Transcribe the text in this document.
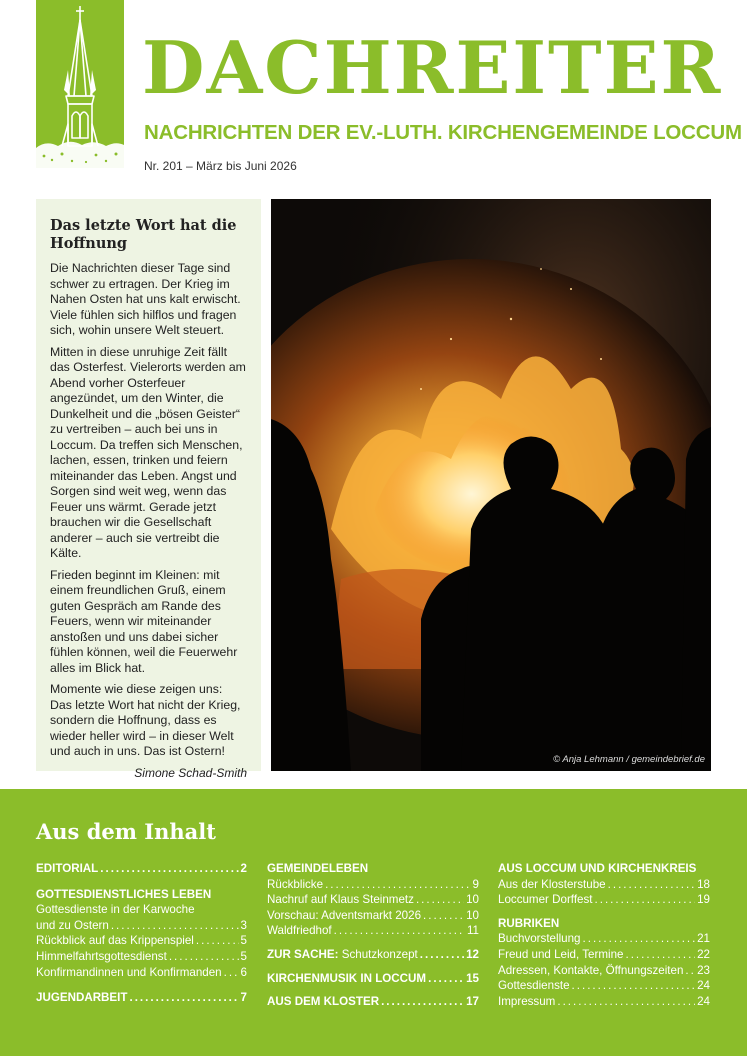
DACHREITER
NACHRICHTEN DER EV.-LUTH. KIRCHENGEMEINDE LOCCUM
Nr. 201 – März bis Juni 2026
Das letzte Wort hat die Hoffnung

Die Nachrichten dieser Tage sind schwer zu ertragen. Der Krieg im Nahen Osten hat uns kalt erwischt. Viele fühlen sich hilflos und fragen sich, wohin unsere Welt steuert.

Mitten in diese unruhige Zeit fällt das Osterfest. Vielerorts werden am Abend vorher Osterfeuer angezündet, um den Winter, die Dunkelheit und die „bösen Geister“ zu vertreiben – auch bei uns in Loccum. Da treffen sich Menschen, lachen, essen, trinken und feiern miteinander das Leben. Angst und Sorgen sind weit weg, wenn das Feuer uns wärmt. Gerade jetzt brauchen wir die Gesellschaft anderer – auch sie vertreibt die Kälte.

Frieden beginnt im Kleinen: mit einem freundlichen Gruß, einem guten Gespräch am Rande des Feuers, wenn wir miteinander anstoßen und uns dabei sicher fühlen können, weil die Feuerwehr alles im Blick hat.

Momente wie diese zeigen uns: Das letzte Wort hat nicht der Krieg, sondern die Hoffnung, dass es wieder heller wird – in dieser Welt und auch in uns. Das ist Ostern!

Simone Schad-Smith

© Anja Lehmann / gemeindebrief.de
Aus dem Inhalt
EDITORIAL .....	2
GOTTESDIENSTLICHES LEBEN
Gottesdienste in der Karwoche
und zu Ostern .....	3
Rückblick auf das Krippenspiel .....	5
Himmelfahrtsgottesdienst .....	5
Konfirmandinnen und Konfirmanden ..... 6
JUGENDARBEIT .....	7
GEMEINDELEBEN
Rückblicke .....	9
Nachruf auf Klaus Steinmetz .....	10
Vorschau: Adventsmarkt 2026 .....	10
Waldfriedhof .....	11
ZUR SACHE: Schutzkonzept .....	12
KIRCHENMUSIK IN LOCCUM .....	15
AUS DEM KLOSTER .....	17
AUS LOCCUM UND KIRCHENKREIS
Aus der Klosterstube .....	18
Loccumer Dorffest .....	19
RUBRIKEN
Buchvorstellung .....	21
Freud und Leid, Termine .....	22
Adressen, Kontakte, Öffnungszeiten ..... 23
Gottesdienste .....	24
Impressum .....	24
